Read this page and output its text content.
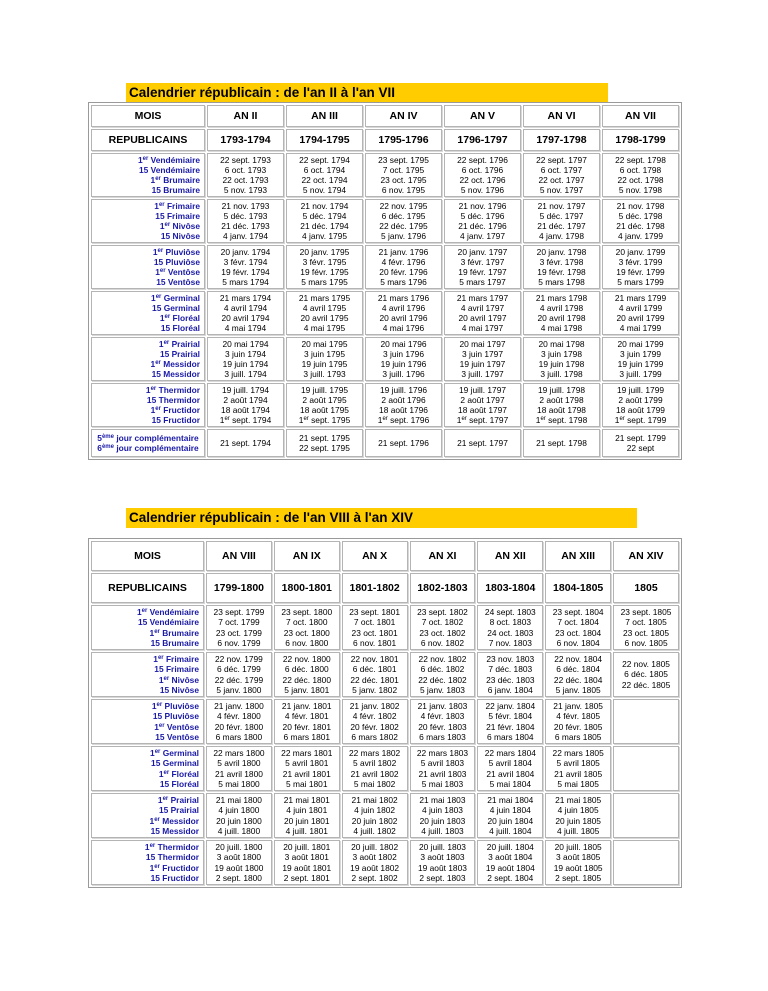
Calendrier républicain : de l'an II à l'an VII
MOIS	AN II	AN III	AN IV	AN V	AN VI	AN VII
REPUBLICAINS	1793-1794	1794-1795	1795-1796	1796-1797	1797-1798	1798-1799

1er Vendémiaire
15 Vendémiaire
1er Brumaire
15 Brumaire	22 sept. 1793
6 oct. 1793
22 oct. 1793
5 nov. 1793	22 sept. 1794
6 oct. 1794
22 oct. 1794
5 nov. 1794	23 sept. 1795
7 oct. 1795
23 oct. 1795
6 nov. 1795	22 sept. 1796
6 oct. 1796
22 oct. 1796
5 nov. 1796	22 sept. 1797
6 oct. 1797
22 oct. 1797
5 nov. 1797	22 sept. 1798
6 oct. 1798
22 oct. 1798
5 nov. 1798

1er Frimaire
15 Frimaire
1er Nivôse
15 Nivôse	21 nov. 1793
5 déc. 1793
21 déc. 1793
4 janv. 1794	21 nov. 1794
5 déc. 1794
21 déc. 1794
4 janv. 1795	22 nov. 1795
6 déc. 1795
22 déc. 1795
5 janv. 1796	21 nov. 1796
5 déc. 1796
21 déc. 1796
4 janv. 1797	21 nov. 1797
5 déc. 1797
21 déc. 1797
4 janv. 1798	21 nov. 1798
5 déc. 1798
21 déc. 1798
4 janv. 1799

1er Pluviôse
15 Pluviôse
1er Ventôse
15 Ventôse	20 janv. 1794
3 févr. 1794
19 févr. 1794
5 mars 1794	20 janv. 1795
3 févr. 1795
19 févr. 1795
5 mars 1795	21 janv. 1796
4 févr. 1796
20 févr. 1796
5 mars 1796	20 janv. 1797
3 févr. 1797
19 févr. 1797
5 mars 1797	20 janv. 1798
3 févr. 1798
19 févr. 1798
5 mars 1798	20 janv. 1799
3 févr. 1799
19 févr. 1799
5 mars 1799

1er Germinal
15 Germinal
1er Floréal
15 Floréal	21 mars 1794
4 avril 1794
20 avril 1794
4 mai 1794	21 mars 1795
4 avril 1795
20 avril 1795
4 mai 1795	21 mars 1796
4 avril 1796
20 avril 1796
4 mai 1796	21 mars 1797
4 avril 1797
20 avril 1797
4 mai 1797	21 mars 1798
4 avril 1798
20 avril 1798
4 mai 1798	21 mars 1799
4 avril 1799
20 avril 1799
4 mai 1799

1er Prairial
15 Prairial
1er Messidor
15 Messidor	20 mai 1794
3 juin 1794
19 juin 1794
3 juill. 1794	20 mai 1795
3 juin 1795
19 juin 1795
3 juill. 1793	20 mai 1796
3 juin 1796
19 juin 1796
3 juill. 1796	20 mai 1797
3 juin 1797
19 juin 1797
3 juill. 1797	20 mai 1798
3 juin 1798
19 juin 1798
3 juill. 1798	20 mai 1799
3 juin 1799
19 juin 1799
3 juill. 1799

1er Thermidor
15 Thermidor
1er Fructidor
15 Fructidor	19 juill. 1794
2 août 1794
18 août 1794
1er sept. 1794	19 juill. 1795
2 août 1795
18 août 1795
1er sept. 1795	19 juill. 1796
2 août 1796
18 août 1796
1er sept. 1796	19 juill. 1797
2 août 1797
18 août 1797
1er sept. 1797	19 juill. 1798
2 août 1798
18 août 1798
1er sept. 1798	19 juill. 1799
2 août 1799
18 août 1799
1er sept. 1799

5ème jour complémentaire
6ème jour complémentaire	21 sept. 1794	21 sept. 1795
22 sept. 1795	21 sept. 1796	21 sept. 1797	21 sept. 1798	21 sept. 1799
22 sept
Calendrier républicain : de l'an VIII à l'an XIV
MOIS	AN VIII	AN IX	AN X	AN XI	AN XII	AN XIII	AN XIV
REPUBLICAINS	1799-1800	1800-1801	1801-1802	1802-1803	1803-1804	1804-1805	1805

1er Vendémiaire
15 Vendémiaire
1er Brumaire
15 Brumaire	23 sept. 1799
7 oct. 1799
23 oct. 1799
6 nov. 1799	23 sept. 1800
7 oct. 1800
23 oct. 1800
6 nov. 1800	23 sept. 1801
7 oct. 1801
23 oct. 1801
6 nov. 1801	23 sept. 1802
7 oct. 1802
23 oct. 1802
6 nov. 1802	24 sept. 1803
8 oct. 1803
24 oct. 1803
7 nov. 1803	23 sept. 1804
7 oct. 1804
23 oct. 1804
6 nov. 1804	23 sept. 1805
7 oct. 1805
23 oct. 1805
6 nov. 1805

1er Frimaire
15 Frimaire
1er Nivôse
15 Nivôse	22 nov. 1799
6 déc. 1799
22 déc. 1799
5 janv. 1800	22 nov. 1800
6 déc. 1800
22 déc. 1800
5 janv. 1801	22 nov. 1801
6 déc. 1801
22 déc. 1801
5 janv. 1802	22 nov. 1802
6 déc. 1802
22 déc. 1802
5 janv. 1803	23 nov. 1803
7 déc. 1803
23 déc. 1803
6 janv. 1804	22 nov. 1804
6 déc. 1804
22 déc. 1804
5 janv. 1805	22 nov. 1805
6 déc. 1805
22 déc. 1805

1er Pluviôse
15 Pluviôse
1er Ventôse
15 Ventôse	21 janv. 1800
4 févr. 1800
20 févr. 1800
6 mars 1800	21 janv. 1801
4 févr. 1801
20 févr. 1801
6 mars 1801	21 janv. 1802
4 févr. 1802
20 févr. 1802
6 mars 1802	21 janv. 1803
4 févr. 1803
20 févr. 1803
6 mars 1803	22 janv. 1804
5 févr. 1804
21 févr. 1804
6 mars 1804	21 janv. 1805
4 févr. 1805
20 févr. 1805
6 mars 1805	

1er Germinal
15 Germinal
1er Floréal
15 Floréal	22 mars 1800
5 avril 1800
21 avril 1800
5 mai 1800	22 mars 1801
5 avril 1801
21 avril 1801
5 mai 1801	22 mars 1802
5 avril 1802
21 avril 1802
5 mai 1802	22 mars 1803
5 avril 1803
21 avril 1803
5 mai 1803	22 mars 1804
5 avril 1804
21 avril 1804
5 mai 1804	22 mars 1805
5 avril 1805
21 avril 1805
5 mai 1805	

1er Prairial
15 Prairial
1er Messidor
15 Messidor	21 mai 1800
4 juin 1800
20 juin 1800
4 juill. 1800	21 mai 1801
4 juin 1801
20 juin 1801
4 juill. 1801	21 mai 1802
4 juin 1802
20 juin 1802
4 juill. 1802	21 mai 1803
4 juin 1803
20 juin 1803
4 juill. 1803	21 mai 1804
4 juin 1804
20 juin 1804
4 juill. 1804	21 mai 1805
4 juin 1805
20 juin 1805
4 juill. 1805	

1er Thermidor
15 Thermidor
1er Fructidor
15 Fructidor	20 juill. 1800
3 août 1800
19 août 1800
2 sept. 1800	20 juill. 1801
3 août 1801
19 août 1801
2 sept. 1801	20 juill. 1802
3 août 1802
19 août 1802
2 sept. 1802	20 juill. 1803
3 août 1803
19 août 1803
2 sept. 1803	20 juill. 1804
3 août 1804
19 août 1804
2 sept. 1804	20 juill. 1805
3 août 1805
19 août 1805
2 sept. 1805	
